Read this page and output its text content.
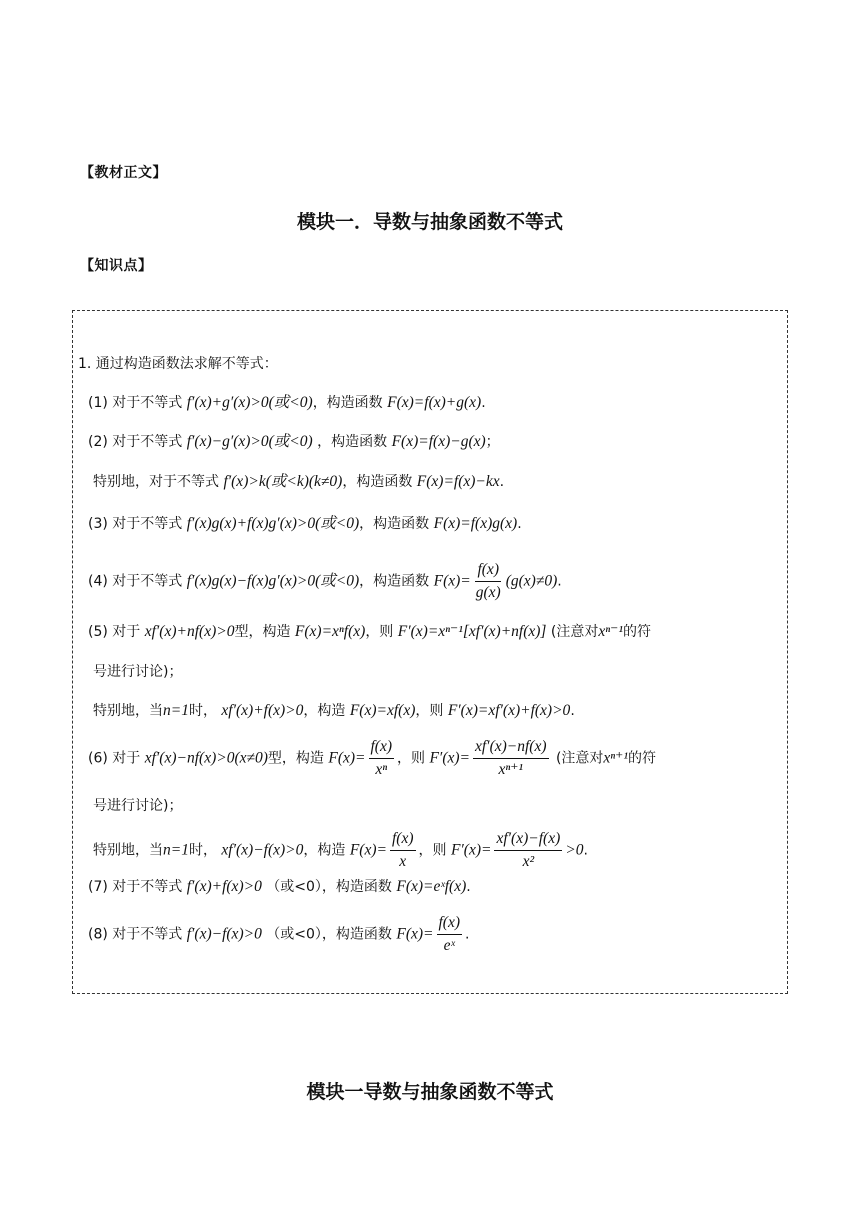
【教材正文】
模块一．导数与抽象函数不等式
【知识点】
1. 通过构造函数法求解不等式：
(1) 对于不等式 f′(x)+g′(x)>0(或<0)，构造函数 F(x)=f(x)+g(x).
(2) 对于不等式 f′(x)−g′(x)>0(或<0) ，构造函数 F(x)=f(x)−g(x)；
特别地，对于不等式 f′(x)>k(或<k)(k≠0)，构造函数 F(x)=f(x)−kx.
(3) 对于不等式 f′(x)g(x)+f(x)g′(x)>0(或<0)，构造函数 F(x)=f(x)g(x).
(4) 对于不等式 f′(x)g(x)−f(x)g′(x)>0(或<0)，构造函数 $F(x)= \frac{f(x)}{g(x)} (g(x)\ne 0)$.
(5) 对于 xf′(x)+nf(x)>0型，构造 F(x)=xⁿf(x)，则 F′(x)=xⁿ⁻¹[xf′(x)+nf(x)] (注意对xⁿ⁻¹的符
号进行讨论)；
特别地，当n=1时， xf′(x)+f(x)>0，构造 F(x)=xf(x)，则 F′(x)=xf′(x)+f(x)>0.
(6) 对于 xf′(x)−nf(x)>0(x≠0)型，构造 $F(x)= \frac{f(x)}{\text{xⁿ}}$ ，则 $F'(x)= \frac{xf'(x)-nf(x)}{\text{xⁿ⁺¹}}$ (注意对xⁿ⁺¹的符
号进行讨论)；
特别地，当n=1时， xf′(x)−f(x)>0，构造 $F(x)= \frac{f(x)}{x}$ ，则 $F'(x)= \frac{xf'(x)-f(x)}{\text{x²}} >0$.
(7) 对于不等式 f′(x)+f(x)>0 （或<0），构造函数 F(x)=eˣf(x).
(8) 对于不等式 f′(x)−f(x)>0 （或<0），构造函数 $F(x)= \frac{f(x)}{\text{eˣ}}$ .
模块一导数与抽象函数不等式
